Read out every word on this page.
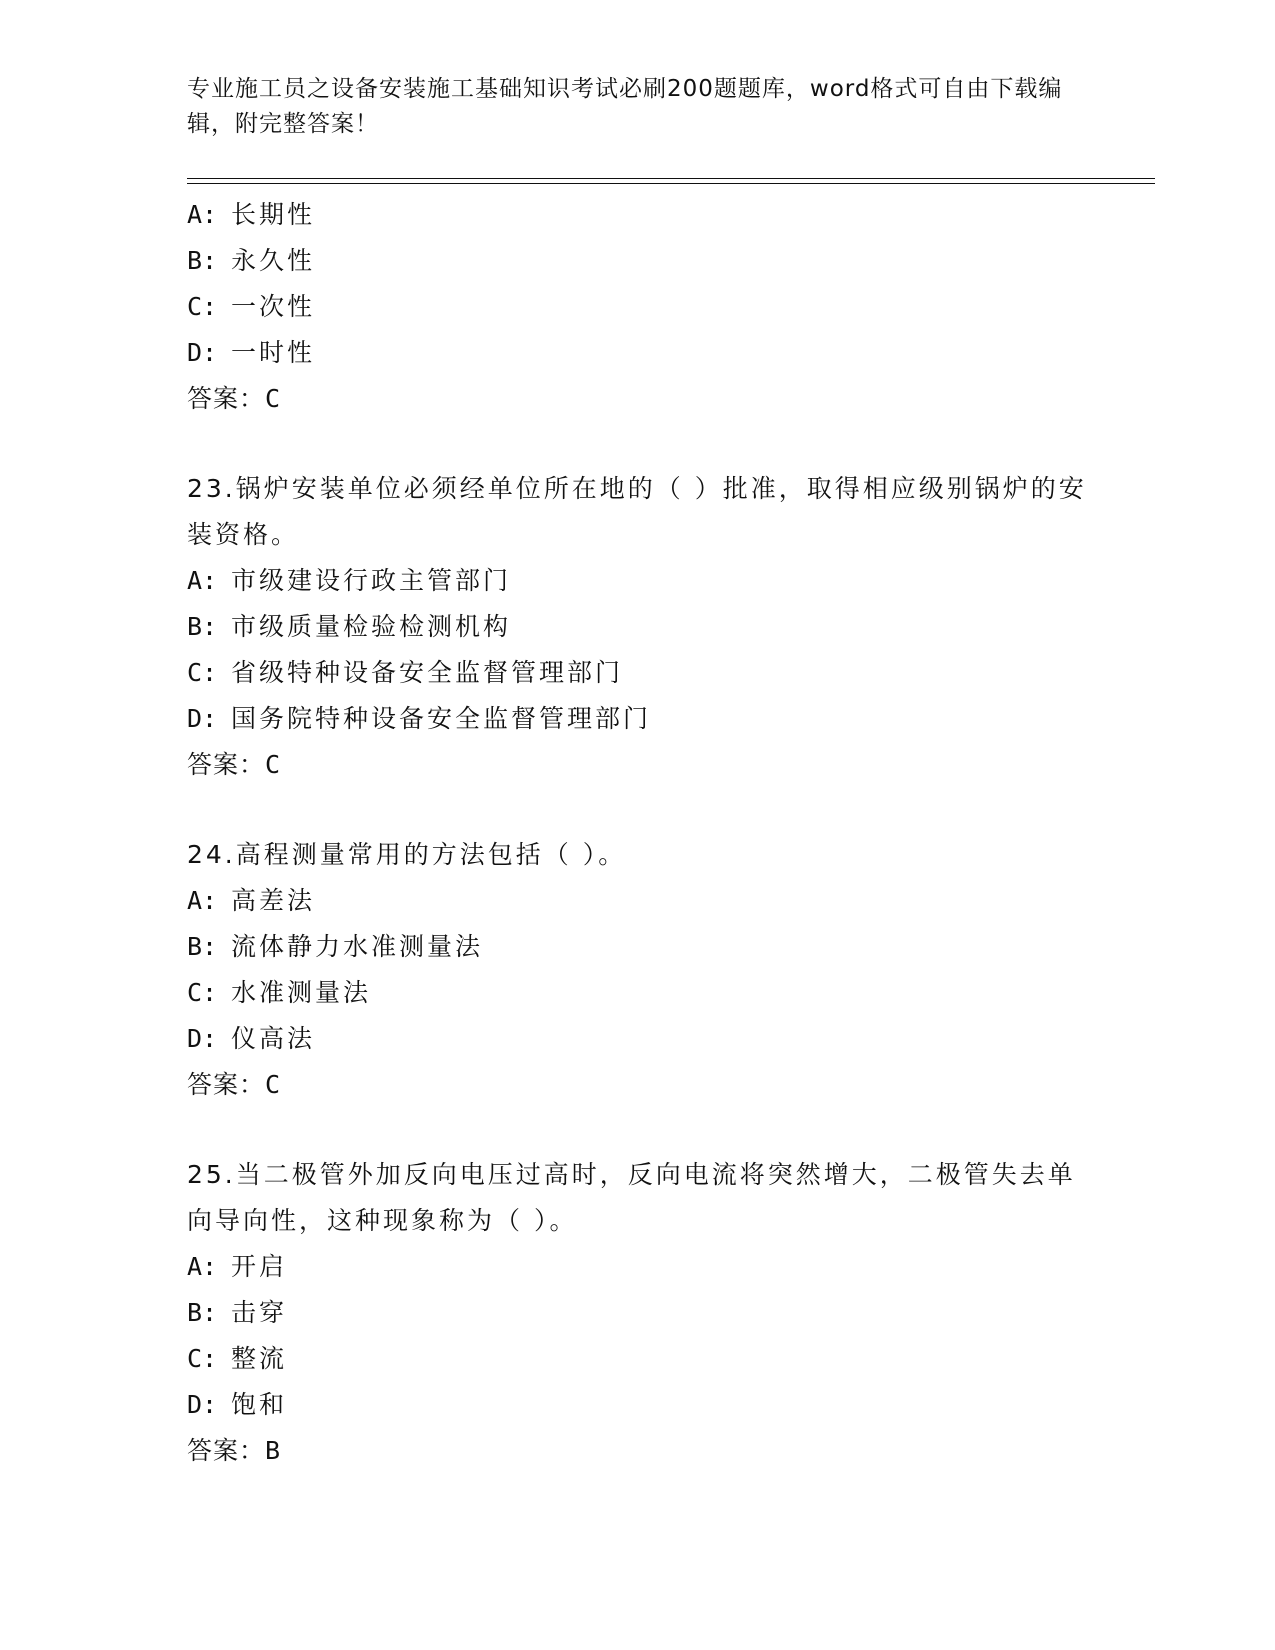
专业施工员之设备安装施工基础知识考试必刷200题题库，word格式可自由下载编辑，附完整答案！
A: 长期性
B: 永久性
C: 一次性
D: 一时性
答案：C
23.锅炉安装单位必须经单位所在地的（ ）批准，取得相应级别锅炉的安装资格。
A: 市级建设行政主管部门
B: 市级质量检验检测机构
C: 省级特种设备安全监督管理部门
D: 国务院特种设备安全监督管理部门
答案：C
24.高程测量常用的方法包括（ ）。
A: 高差法
B: 流体静力水准测量法
C: 水准测量法
D: 仪高法
答案：C
25.当二极管外加反向电压过高时，反向电流将突然增大，二极管失去单向导向性，这种现象称为（ ）。
A: 开启
B: 击穿
C: 整流
D: 饱和
答案：B
